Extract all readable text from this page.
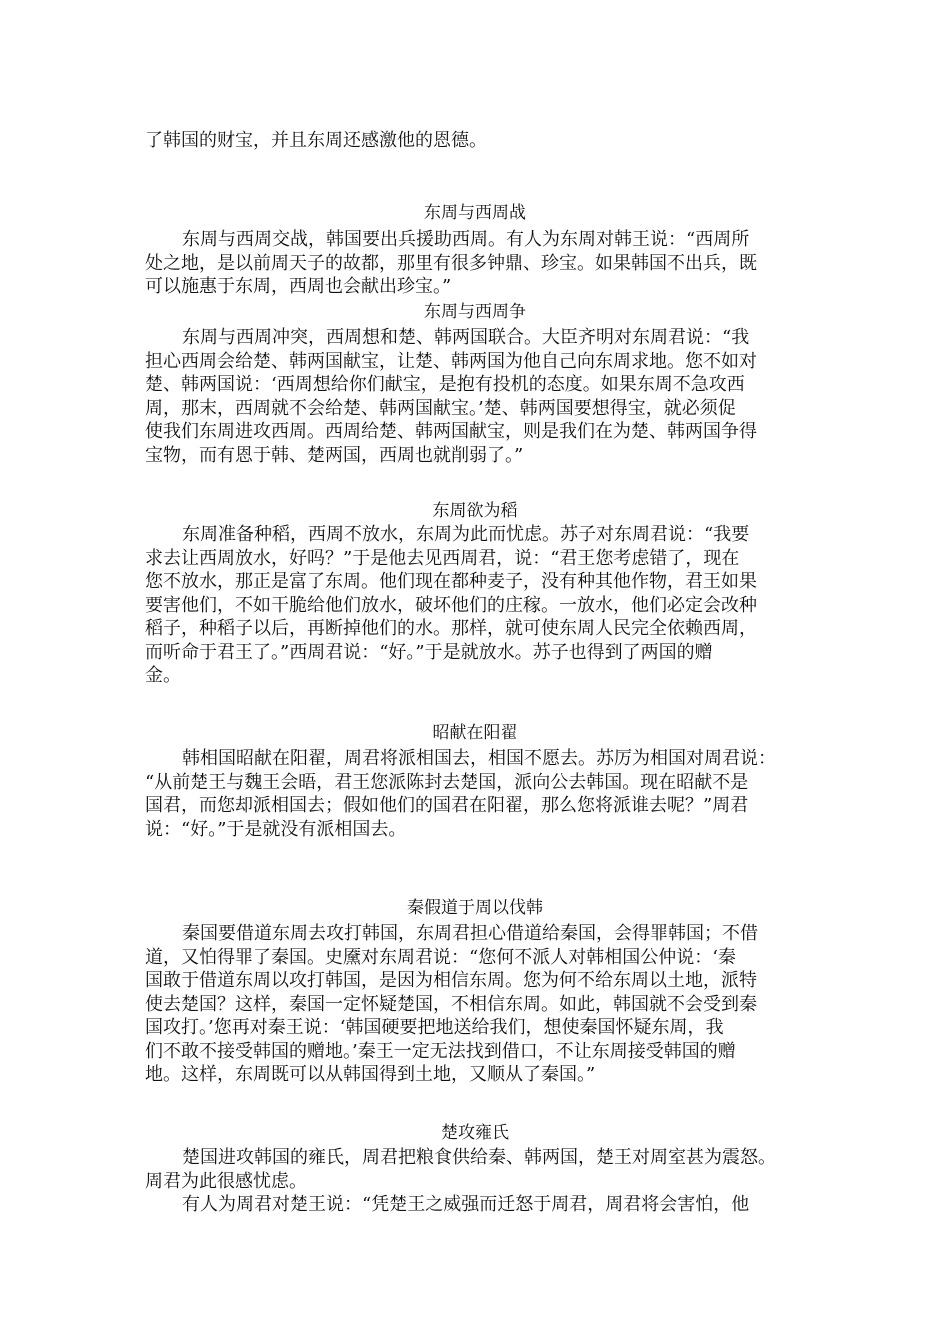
了韩国的财宝，并且东周还感激他的恩德。
东周与西周战
东周与西周交战，韩国要出兵援助西周。有人为东周对韩王说：“西周所
处之地，是以前周天子的故都，那里有很多钟鼎、珍宝。如果韩国不出兵，既
可以施惠于东周，西周也会献出珍宝。”
东周与西周争
东周与西周冲突，西周想和楚、韩两国联合。大臣齐明对东周君说：“我
担心西周会给楚、韩两国献宝，让楚、韩两国为他自己向东周求地。您不如对
楚、韩两国说：‘西周想给你们献宝，是抱有投机的态度。如果东周不急攻西
周，那末，西周就不会给楚、韩两国献宝。’楚、韩两国要想得宝，就必须促
使我们东周进攻西周。西周给楚、韩两国献宝，则是我们在为楚、韩两国争得
宝物，而有恩于韩、楚两国，西周也就削弱了。”
东周欲为稻
东周准备种稻，西周不放水，东周为此而忧虑。苏子对东周君说：“我要
求去让西周放水，好吗？”于是他去见西周君，说：“君王您考虑错了，现在
您不放水，那正是富了东周。他们现在都种麦子，没有种其他作物，君王如果
要害他们，不如干脆给他们放水，破坏他们的庄稼。一放水，他们必定会改种
稻子，种稻子以后，再断掉他们的水。那样，就可使东周人民完全依赖西周，
而听命于君王了。”西周君说：“好。”于是就放水。苏子也得到了两国的赠
金。
昭献在阳翟
韩相国昭献在阳翟，周君将派相国去，相国不愿去。苏厉为相国对周君说：
“从前楚王与魏王会晤，君王您派陈封去楚国，派向公去韩国。现在昭献不是
国君，而您却派相国去；假如他们的国君在阳翟，那么您将派谁去呢？”周君
说：“好。”于是就没有派相国去。
秦假道于周以伐韩
秦国要借道东周去攻打韩国，东周君担心借道给秦国，会得罪韩国；不借
道，又怕得罪了秦国。史黡对东周君说：“您何不派人对韩相国公仲说：‘秦
国敢于借道东周以攻打韩国，是因为相信东周。您为何不给东周以土地，派特
使去楚国？这样，秦国一定怀疑楚国，不相信东周。如此，韩国就不会受到秦
国攻打。’您再对秦王说：‘韩国硬要把地送给我们，想使秦国怀疑东周，我
们不敢不接受韩国的赠地。’秦王一定无法找到借口，不让东周接受韩国的赠
地。这样，东周既可以从韩国得到土地，又顺从了秦国。”
楚攻雍氏
楚国进攻韩国的雍氏，周君把粮食供给秦、韩两国，楚王对周室甚为震怒。
周君为此很感忧虑。
有人为周君对楚王说：“凭楚王之威强而迁怒于周君，周君将会害怕，他
